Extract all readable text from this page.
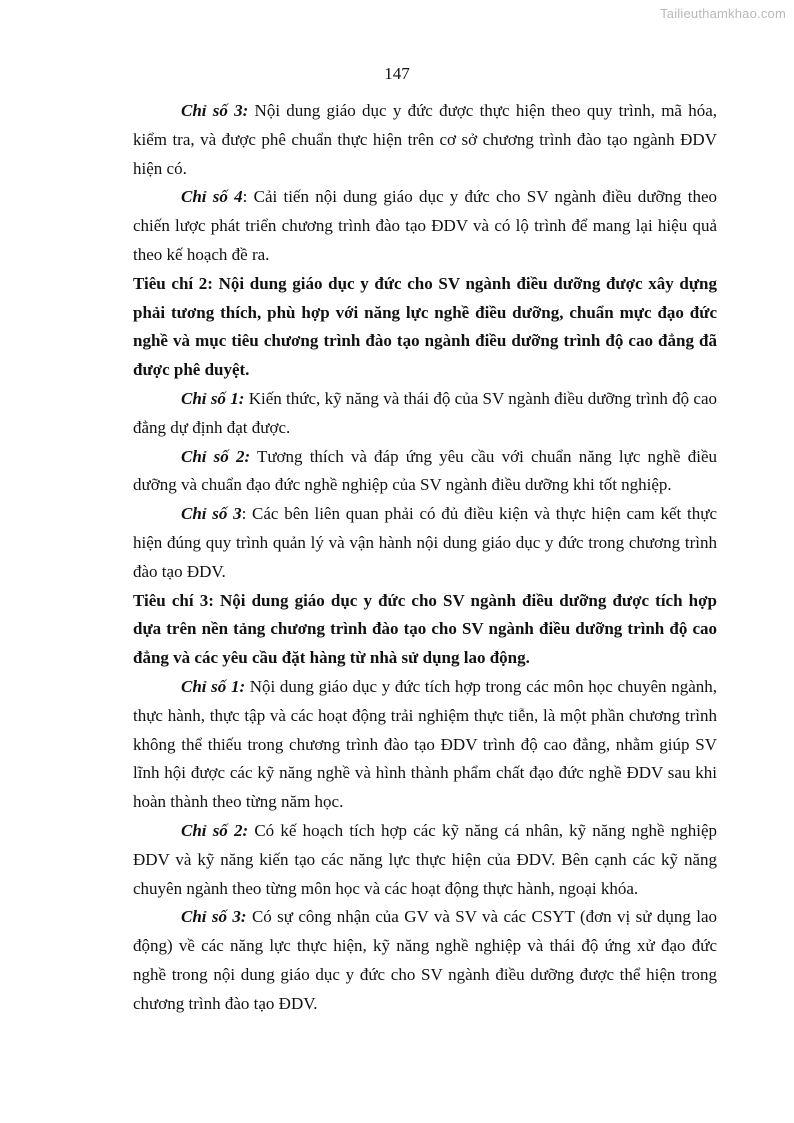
Tailieuthamkhao.com
147

Chỉ số 3: Nội dung giáo dục y đức được thực hiện theo quy trình, mã hóa, kiểm tra, và được phê chuẩn thực hiện trên cơ sở chương trình đào tạo ngành ĐDV hiện có.

Chỉ số 4: Cải tiến nội dung giáo dục y đức cho SV ngành điều dưỡng theo chiến lược phát triển chương trình đào tạo ĐDV và có lộ trình để mang lại hiệu quả theo kế hoạch đề ra.

Tiêu chí 2: Nội dung giáo dục y đức cho SV ngành điều dưỡng được xây dựng phải tương thích, phù hợp với năng lực nghề điều dưỡng, chuẩn mực đạo đức nghề và mục tiêu chương trình đào tạo ngành điều dưỡng trình độ cao đẳng đã được phê duyệt.

Chỉ số 1: Kiến thức, kỹ năng và thái độ của SV ngành điều dưỡng trình độ cao đẳng dự định đạt được.

Chỉ số 2: Tương thích và đáp ứng yêu cầu với chuẩn năng lực nghề điều dưỡng và chuẩn đạo đức nghề nghiệp của SV ngành điều dưỡng khi tốt nghiệp.

Chỉ số 3: Các bên liên quan phải có đủ điều kiện và thực hiện cam kết thực hiện đúng quy trình quản lý và vận hành nội dung giáo dục y đức trong chương trình đào tạo ĐDV.

Tiêu chí 3: Nội dung giáo dục y đức cho SV ngành điều dưỡng được tích hợp dựa trên nền tảng chương trình đào tạo cho SV ngành điều dưỡng trình độ cao đẳng và các yêu cầu đặt hàng từ nhà sử dụng lao động.

Chỉ số 1: Nội dung giáo dục y đức tích hợp trong các môn học chuyên ngành, thực hành, thực tập và các hoạt động trải nghiệm thực tiễn, là một phần chương trình không thể thiếu trong chương trình đào tạo ĐDV trình độ cao đẳng, nhằm giúp SV lĩnh hội được các kỹ năng nghề và hình thành phẩm chất đạo đức nghề ĐDV sau khi hoàn thành theo từng năm học.

Chỉ số 2: Có kế hoạch tích hợp các kỹ năng cá nhân, kỹ năng nghề nghiệp ĐDV và kỹ năng kiến tạo các năng lực thực hiện của ĐDV. Bên cạnh các kỹ năng chuyên ngành theo từng môn học và các hoạt động thực hành, ngoại khóa.

Chỉ số 3: Có sự công nhận của GV và SV và các CSYT (đơn vị sử dụng lao động) về các năng lực thực hiện, kỹ năng nghề nghiệp và thái độ ứng xử đạo đức nghề trong nội dung giáo dục y đức cho SV ngành điều dưỡng được thể hiện trong chương trình đào tạo ĐDV.
